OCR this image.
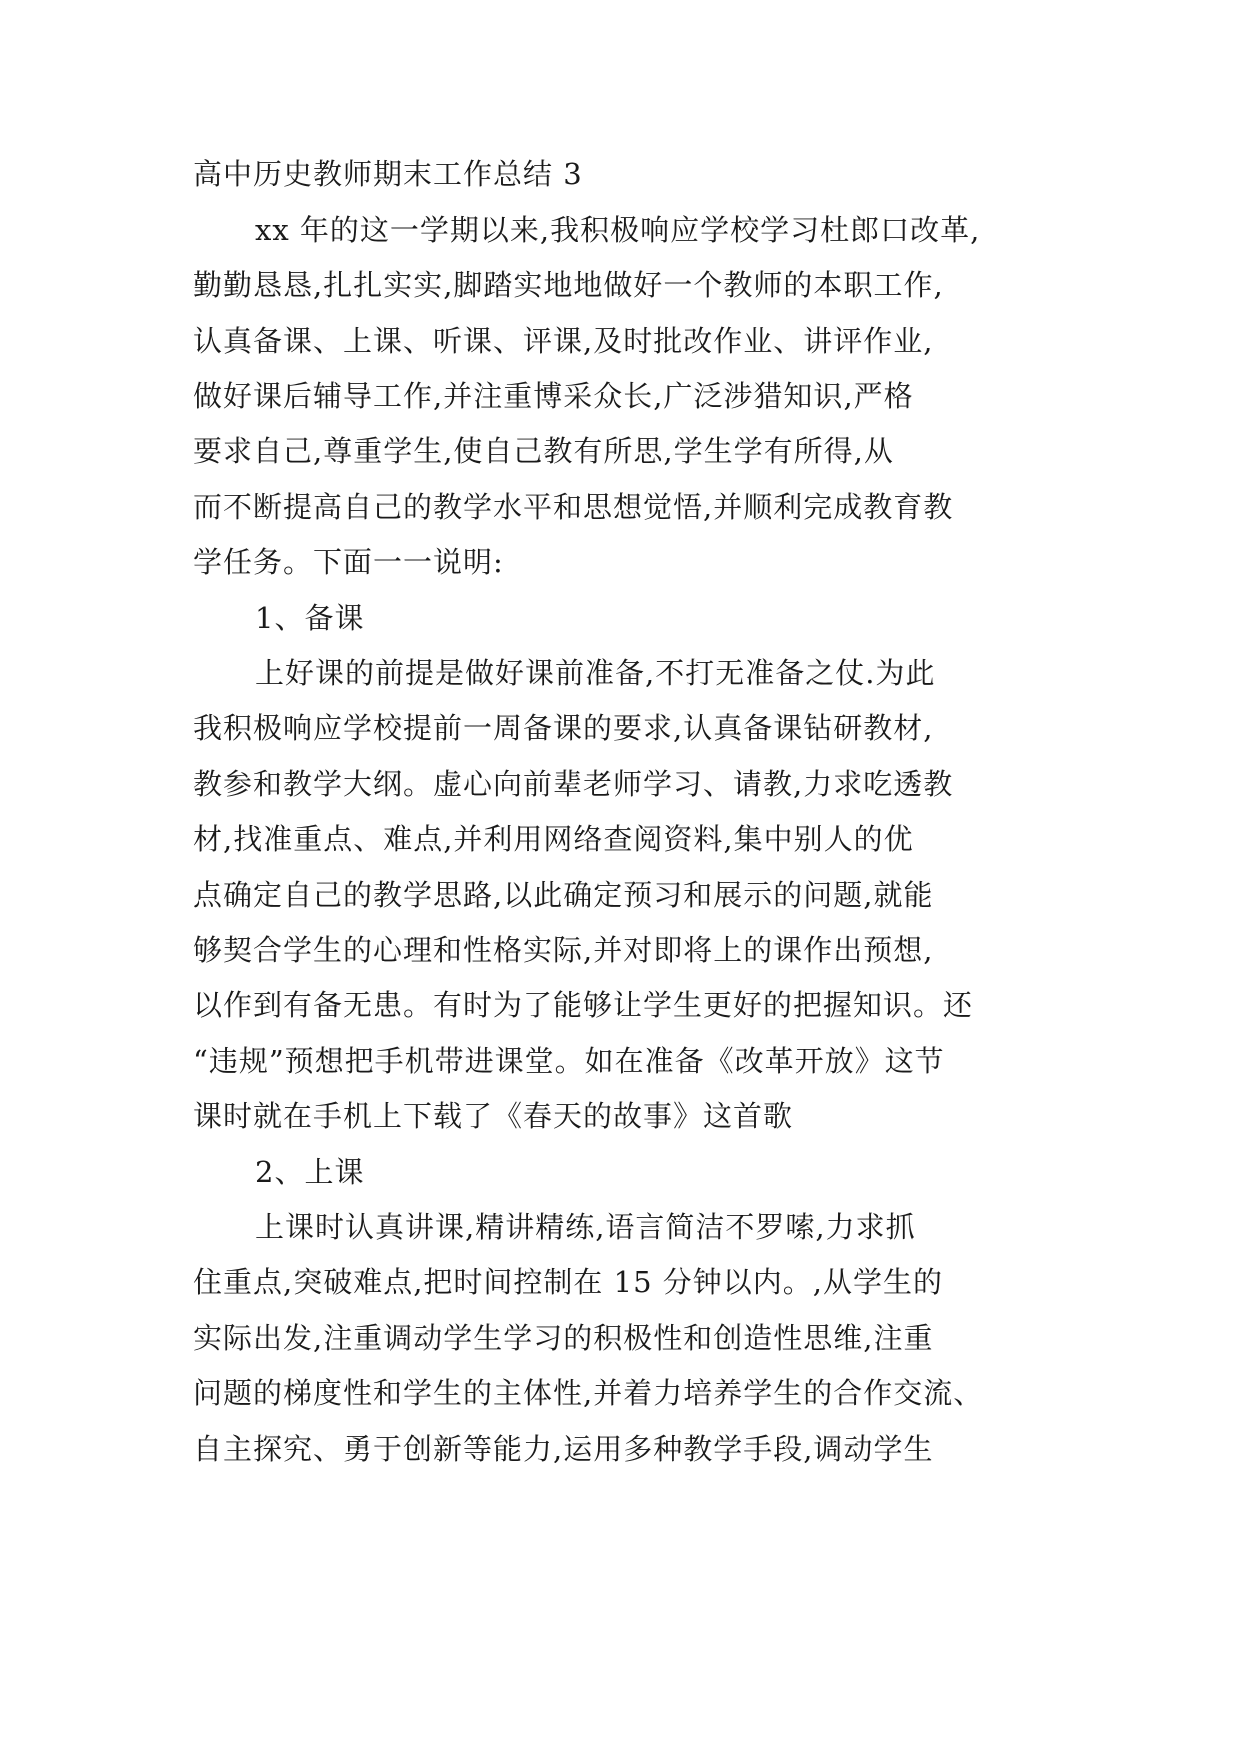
高中历史教师期末工作总结 3

xx 年的这一学期以来,我积极响应学校学习杜郎口改革,

勤勤恳恳,扎扎实实,脚踏实地地做好一个教师的本职工作,

认真备课、上课、听课、评课,及时批改作业、讲评作业,

做好课后辅导工作,并注重博采众长,广泛涉猎知识,严格

要求自己,尊重学生,使自己教有所思,学生学有所得,从

而不断提高自己的教学水平和思想觉悟,并顺利完成教育教

学任务。下面一一说明:

1、备课

上好课的前提是做好课前准备,不打无准备之仗.为此

我积极响应学校提前一周备课的要求,认真备课钻研教材,

教参和教学大纲。虚心向前辈老师学习、请教,力求吃透教

材,找准重点、难点,并利用网络查阅资料,集中别人的优

点确定自己的教学思路,以此确定预习和展示的问题,就能

够契合学生的心理和性格实际,并对即将上的课作出预想,

以作到有备无患。有时为了能够让学生更好的把握知识。还

“违规”预想把手机带进课堂。如在准备《改革开放》这节

课时就在手机上下载了《春天的故事》这首歌

2、上课

上课时认真讲课,精讲精练,语言简洁不罗嗦,力求抓

住重点,突破难点,把时间控制在 15 分钟以内。,从学生的

实际出发,注重调动学生学习的积极性和创造性思维,注重

问题的梯度性和学生的主体性,并着力培养学生的合作交流、

自主探究、勇于创新等能力,运用多种教学手段,调动学生
